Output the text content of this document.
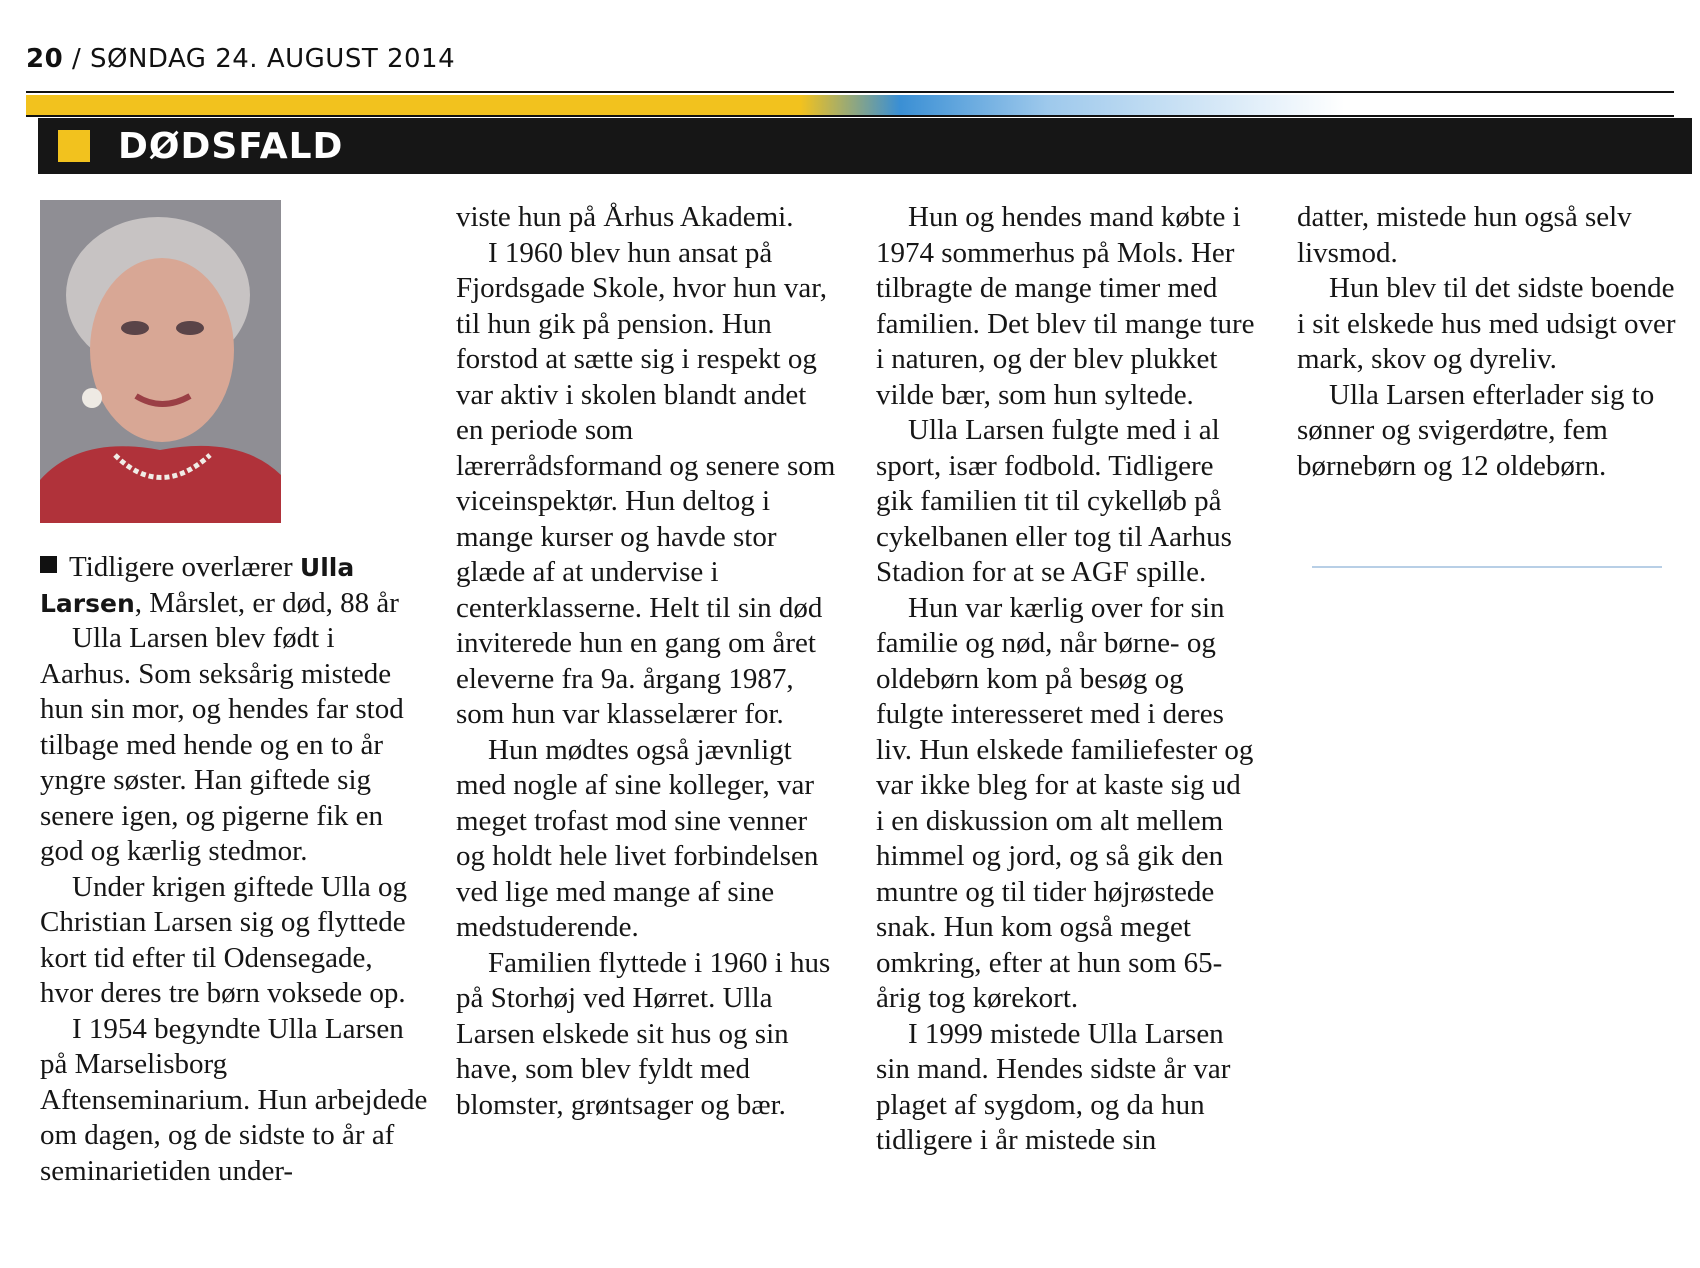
20 / SØNDAG 24. AUGUST 2014
DØDSFALD

Tidligere overlærer Ulla Larsen, Mårslet, er død, 88 år

Ulla Larsen blev født i Aarhus. Som seksårig mistede hun sin mor, og hendes far stod tilbage med hende og en to år yngre søster. Han giftede sig senere igen, og pigerne fik en god og kærlig stedmor.

Under krigen giftede Ulla og Christian Larsen sig og flyttede kort tid efter til Odensegade, hvor deres tre børn voksede op.

I 1954 begyndte Ulla Larsen på Marselisborg Aftenseminarium. Hun arbejdede om dagen, og de sidste to år af seminarietiden under-

viste hun på Århus Akademi.

I 1960 blev hun ansat på Fjordsgade Skole, hvor hun var, til hun gik på pension. Hun forstod at sætte sig i respekt og var aktiv i skolen blandt andet en periode som lærerrådsformand og senere som viceinspektør. Hun deltog i mange kurser og havde stor glæde af at undervise i centerklasserne. Helt til sin død inviterede hun en gang om året eleverne fra 9a. årgang 1987, som hun var klasselærer for.

Hun mødtes også jævnligt med nogle af sine kolleger, var meget trofast mod sine venner og holdt hele livet forbindelsen ved lige med mange af sine medstuderende.

Familien flyttede i 1960 i hus på Storhøj ved Hørret. Ulla Larsen elskede sit hus og sin have, som blev fyldt med blomster, grøntsager og bær.

Hun og hendes mand købte i 1974 sommerhus på Mols. Her tilbragte de mange timer med familien. Det blev til mange ture i naturen, og der blev plukket vilde bær, som hun syltede.

Ulla Larsen fulgte med i al sport, især fodbold. Tidligere gik familien tit til cykelløb på cykelbanen eller tog til Aarhus Stadion for at se AGF spille.

Hun var kærlig over for sin familie og nød, når børne- og oldebørn kom på besøg og fulgte interesseret med i deres liv. Hun elskede familiefester og var ikke bleg for at kaste sig ud i en diskussion om alt mellem himmel og jord, og så gik den muntre og til tider højrøstede snak. Hun kom også meget omkring, efter at hun som 65-årig tog kørekort.

I 1999 mistede Ulla Larsen sin mand. Hendes sidste år var plaget af sygdom, og da hun tidligere i år mistede sin

datter, mistede hun også selv livsmod.

Hun blev til det sidste boende i sit elskede hus med udsigt over mark, skov og dyreliv.

Ulla Larsen efterlader sig to sønner og svigerdøtre, fem børnebørn og 12 oldebørn.
